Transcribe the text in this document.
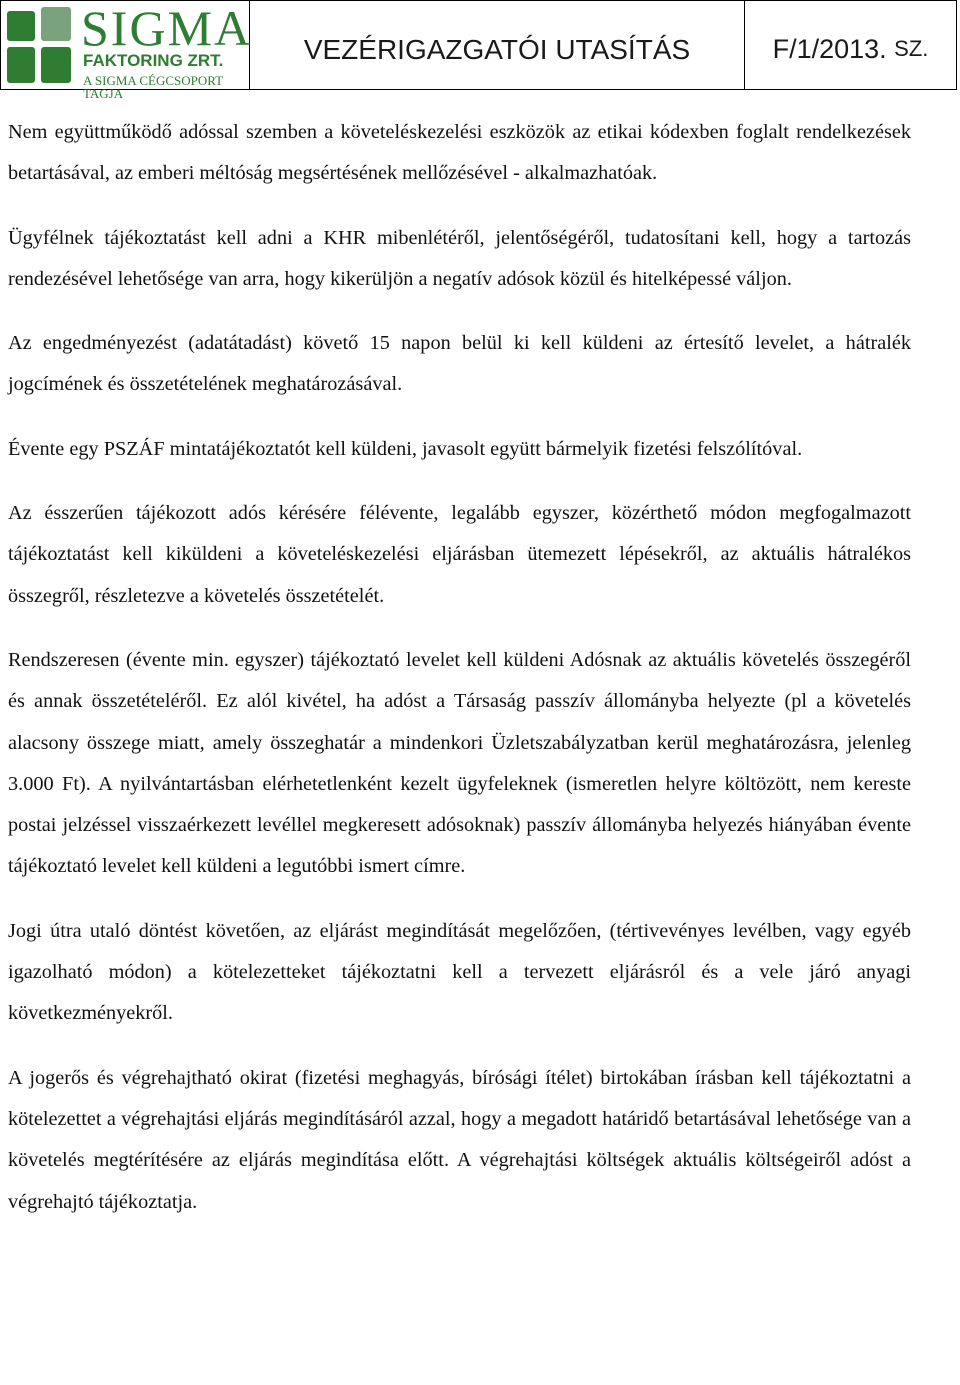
SIGMA
FAKTORING ZRT.
A SIGMA CÉGCSOPORT TAGJA
VEZÉRIGAZGATÓI UTASÍTÁS	F/1/2013.
SZ.

Nem együttműködő adóssal szemben a követeléskezelési eszközök az etikai kódexben foglalt rendelkezések betartásával, az emberi méltóság megsértésének mellőzésével - alkalmazhatóak.

Ügyfélnek tájékoztatást kell adni a KHR mibenlétéről, jelentőségéről, tudatosítani kell, hogy a tartozás rendezésével lehetősége van arra, hogy kikerüljön a negatív adósok közül és hitelképessé váljon.

Az engedményezést (adatátadást) követő 15 napon belül ki kell küldeni az értesítő levelet, a hátralék jogcímének és összetételének meghatározásával.

Évente egy PSZÁF mintatájékoztatót kell küldeni, javasolt együtt bármelyik fizetési felszólítóval.

Az ésszerűen tájékozott adós kérésére félévente, legalább egyszer, közérthető módon megfogalmazott tájékoztatást kell kiküldeni a követeléskezelési eljárásban ütemezett lépésekről, az aktuális hátralékos összegről, részletezve a követelés összetételét.

Rendszeresen (évente min. egyszer) tájékoztató levelet kell küldeni Adósnak az aktuális követelés összegéről és annak összetételéről. Ez alól kivétel, ha adóst a Társaság passzív állományba helyezte (pl a követelés alacsony összege miatt, amely összeghatár a mindenkori Üzletszabályzatban kerül meghatározásra, jelenleg 3.000 Ft). A nyilvántartásban elérhetetlenként kezelt ügyfeleknek (ismeretlen helyre költözött, nem kereste postai jelzéssel visszaérkezett levéllel megkeresett adósoknak) passzív állományba helyezés hiányában évente tájékoztató levelet kell küldeni a legutóbbi ismert címre.

Jogi útra utaló döntést követően, az eljárást megindítását megelőzően, (tértivevényes levélben, vagy egyéb igazolható módon) a kötelezetteket tájékoztatni kell a tervezett eljárásról és a vele járó anyagi következményekről.

A jogerős és végrehajtható okirat (fizetési meghagyás, bírósági ítélet) birtokában írásban kell tájékoztatni a kötelezettet a végrehajtási eljárás megindításáról azzal, hogy a megadott határidő betartásával lehetősége van a követelés megtérítésére az eljárás megindítása előtt. A végrehajtási költségek aktuális költségeiről adóst a végrehajtó tájékoztatja.
